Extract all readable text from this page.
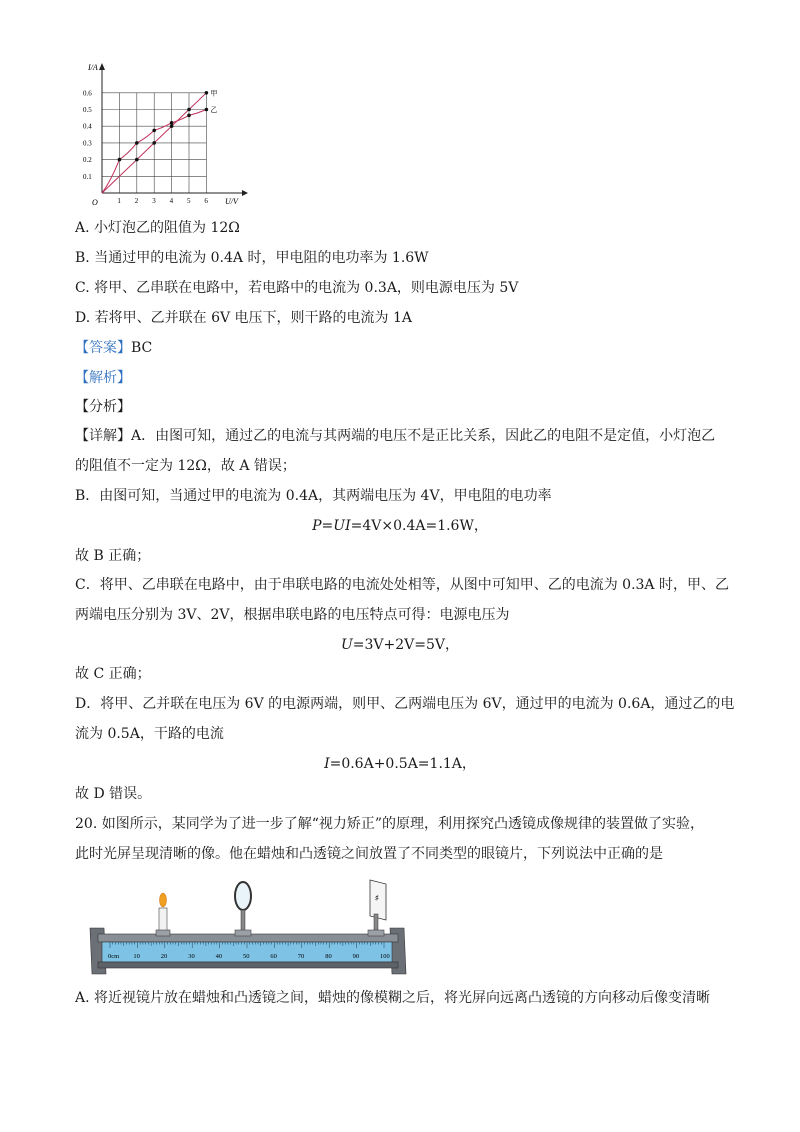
甲
乙
1 2 3 4 5 6
0.1
0.2
0.3
0.4
0.5
0.6
I/A
U/V
O
A. 小灯泡乙的阻值为 12Ω
B. 当通过甲的电流为 0.4A 时，甲电阻的电功率为 1.6W
C. 将甲、乙串联在电路中，若电路中的电流为 0.3A，则电源电压为 5V
D. 若将甲、乙并联在 6V 电压下，则干路的电流为 1A
【答案】BC
【解析】
【分析】
【详解】A．由图可知，通过乙的电流与其两端的电压不是正比关系，因此乙的电阻不是定值，小灯泡乙
的阻值不一定为 12Ω，故 A 错误；
B．由图可知，当通过甲的电流为 0.4A，其两端电压为 4V，甲电阻的电功率
P=UI=4V×0.4A=1.6W，
故 B 正确；
C．将甲、乙串联在电路中，由于串联电路的电流处处相等，从图中可知甲、乙的电流为 0.3A 时，甲、乙
两端电压分别为 3V、2V，根据串联电路的电压特点可得：电源电压为
U=3V+2V=5V，
故 C 正确；
D．将甲、乙并联在电压为 6V 的电源两端，则甲、乙两端电压为 6V，通过甲的电流为 0.6A，通过乙的电
流为 0.5A，干路的电流
I=0.6A+0.5A=1.1A，
故 D 错误。
20. 如图所示，某同学为了进一步了解“视力矫正”的原理，利用探究凸透镜成像规律的装置做了实验，
此时光屏呈现清晰的像。他在蜡烛和凸透镜之间放置了不同类型的眼镜片，下列说法中正确的是
0cm 10	20	30	40	50	60	70	80	90	100
♯
A. 将近视镜片放在蜡烛和凸透镜之间，蜡烛的像模糊之后，将光屏向远离凸透镜的方向移动后像变清晰
